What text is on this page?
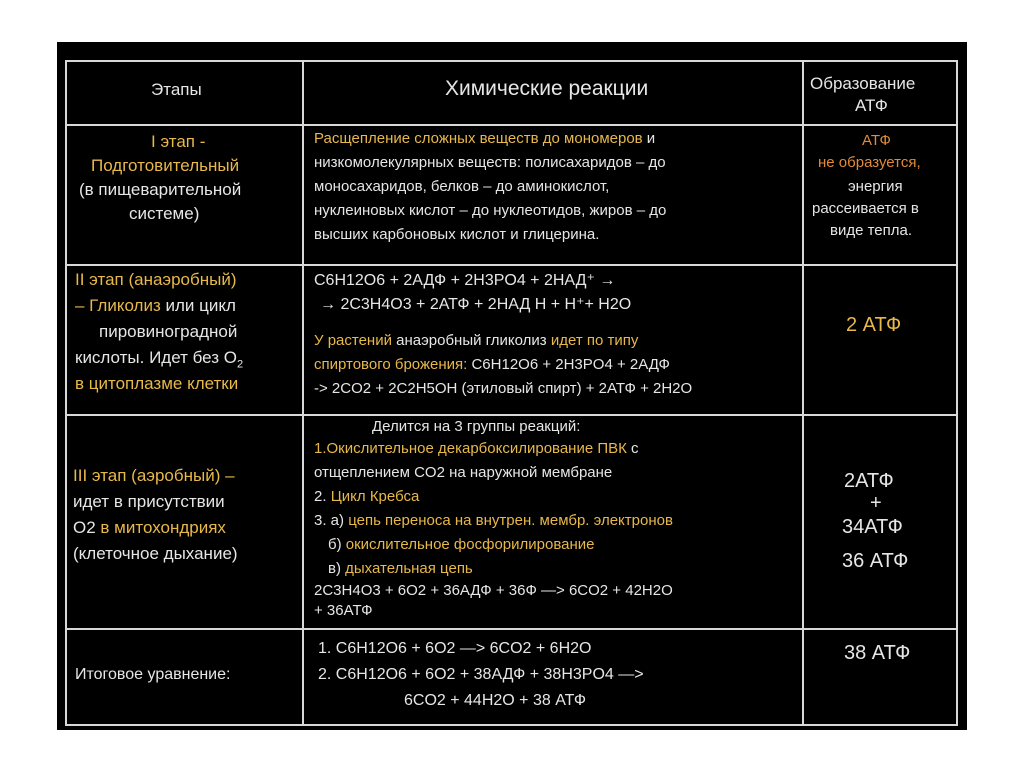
Этапы	Химические реакции	Образование
АТФ
I этап -
Подготовительный
(в пищеварительной
системе)
Расщепление сложных веществ до мономеров и
низкомолекулярных веществ: полисахаридов – до
моносахаридов, белков – до аминокислот,
нуклеиновых кислот – до нуклеотидов, жиров – до
высших карбоновых кислот и глицерина.
АТФ
не образуется,
энергия
рассеивается в
виде тепла.
II этап (анаэробный)
– Гликолиз или цикл
пировиноградной
кислоты. Идет без $O_2$
в цитоплазме клетки
C6H12O6 + 2АДФ + 2H3PO4 + 2НАД⁺ →
→ 2C3H4O3 + 2АТФ + 2НАД H + H⁺+ H2O
У растений анаэробный гликолиз идет по типу
спиртового брожения: C6H12O6 + 2H3PO4 + 2АДФ
-> 2CO2 + 2C2H5OH (этиловый спирт) + 2АТФ + 2H2O
2 АТФ
III этап (аэробный) –
идет в присутствии
O2 в митохондриях
(клеточное дыхание)
Делится на 3 группы реакций:
1.Окислительное декарбоксилирование ПВК с
отщеплением CO2 на наружной мембране
2. Цикл Кребса
3. а) цепь переноса на внутрен. мембр. электронов
б) окислительное фосфорилирование
в) дыхательная цепь
2C3H4O3 + 6O2 + 36АДФ + 36Ф —> 6CO2 + 42H2O
+ 36АТФ
2АТФ
+
34АТФ
36 АТФ
Итоговое уравнение:
1. C6H12O6 + 6O2 —> 6CO2 + 6H2O
2. C6H12O6 + 6O2 + 38АДФ + 38H3PO4 —>
6CO2 + 44H2O + 38 АТФ
38 АТФ
